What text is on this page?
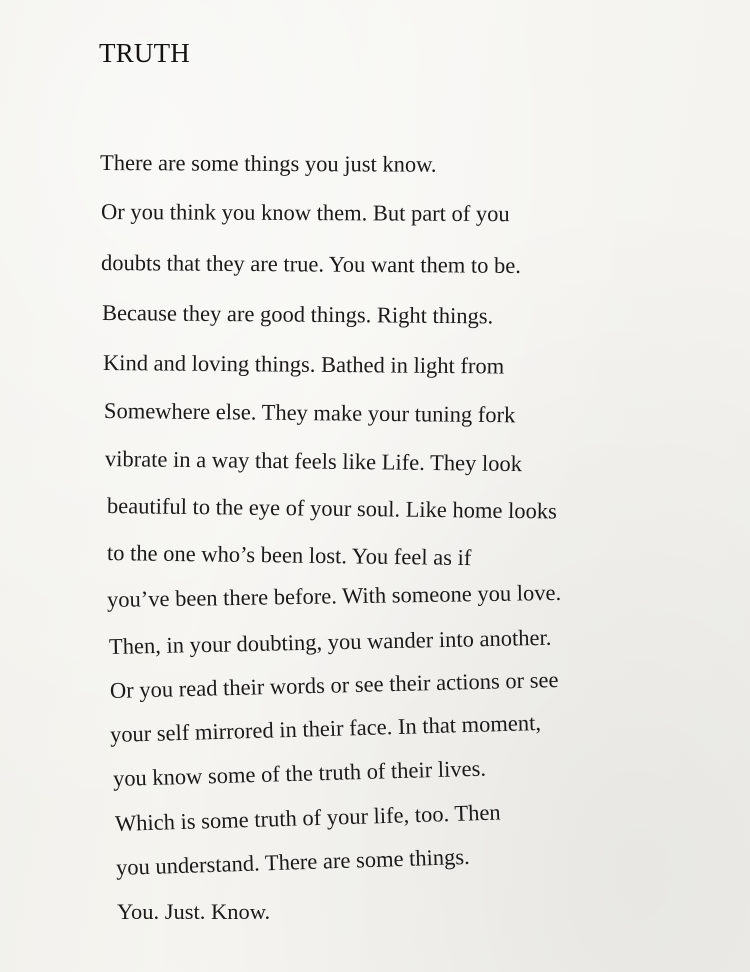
TRUTH
There are some things you just know.
Or you think you know them. But part of you
doubts that they are true. You want them to be.
Because they are good things. Right things.
Kind and loving things. Bathed in light from
Somewhere else. They make your tuning fork
vibrate in a way that feels like Life. They look
beautiful to the eye of your soul. Like home looks
to the one who’s been lost. You feel as if
you’ve been there before. With someone you love.
Then, in your doubting, you wander into another.
Or you read their words or see their actions or see
your self mirrored in their face. In that moment,
you know some of the truth of their lives.
Which is some truth of your life, too. Then
you understand. There are some things.
You. Just. Know.
